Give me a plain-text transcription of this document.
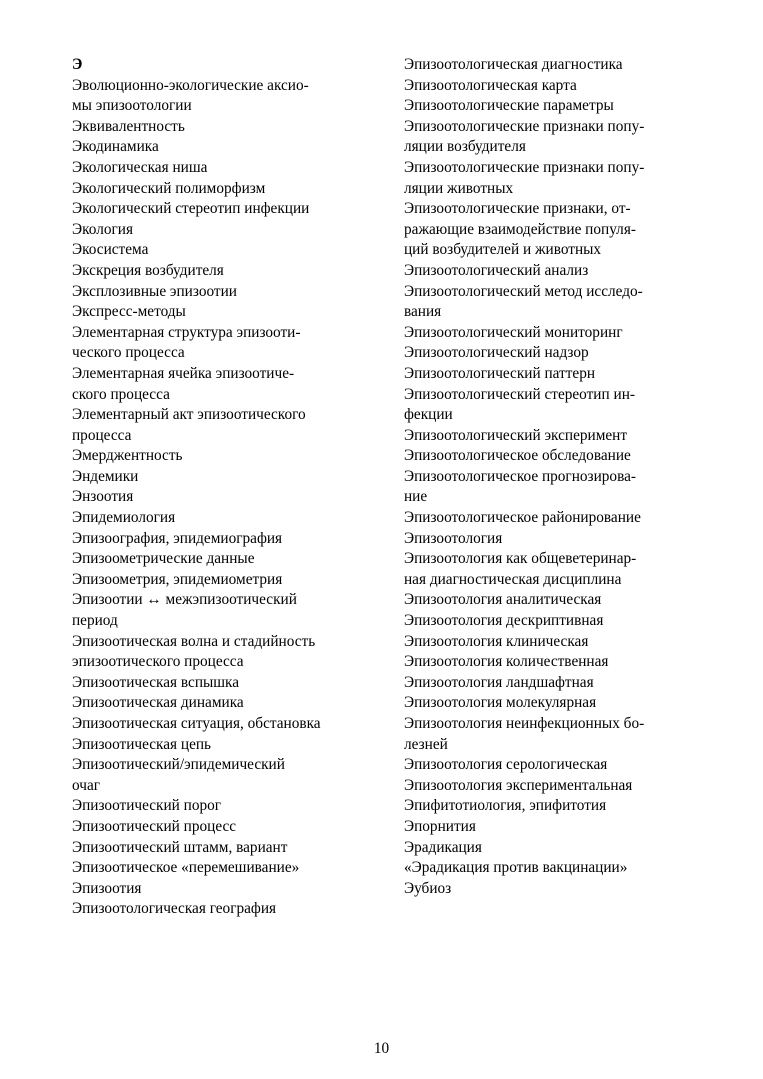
Э
Эволюционно-экологические аксио-
мы эпизоотологии
Эквивалентность
Экодинамика
Экологическая ниша
Экологический полиморфизм
Экологический стереотип инфекции
Экология
Экосистема
Экскреция возбудителя
Эксплозивные эпизоотии
Экспресс-методы
Элементарная структура эпизооти-
ческого процесса
Элементарная ячейка эпизоотиче-
ского процесса
Элементарный акт эпизоотического
процесса
Эмерджентность
Эндемики
Энзоотия
Эпидемиология
Эпизоография, эпидемиография
Эпизоометрические данные
Эпизоометрия, эпидемиометрия
Эпизоотии ↔ межэпизоотический
период
Эпизоотическая волна и стадийность
эпизоотического процесса
Эпизоотическая вспышка
Эпизоотическая динамика
Эпизоотическая ситуация, обстановка
Эпизоотическая цепь
Эпизоотический/эпидемический
очаг
Эпизоотический порог
Эпизоотический процесс
Эпизоотический штамм, вариант
Эпизоотическое «перемешивание»
Эпизоотия
Эпизоотологическая география
Эпизоотологическая диагностика
Эпизоотологическая карта
Эпизоотологические параметры
Эпизоотологические признаки попу-
ляции возбудителя
Эпизоотологические признаки попу-
ляции животных
Эпизоотологические признаки, от-
ражающие взаимодействие популя-
ций возбудителей и животных
Эпизоотологический анализ
Эпизоотологический метод исследо-
вания
Эпизоотологический мониторинг
Эпизоотологический надзор
Эпизоотологический паттерн
Эпизоотологический стереотип ин-
фекции
Эпизоотологический эксперимент
Эпизоотологическое обследование
Эпизоотологическое прогнозирова-
ние
Эпизоотологическое районирование
Эпизоотология
Эпизоотология как общеветеринар-
ная диагностическая дисциплина
Эпизоотология аналитическая
Эпизоотология дескриптивная
Эпизоотология клиническая
Эпизоотология количественная
Эпизоотология ландшафтная
Эпизоотология молекулярная
Эпизоотология неинфекционных бо-
лезней
Эпизоотология серологическая
Эпизоотология экспериментальная
Эпифитотиология, эпифитотия
Эпорнития
Эрадикация
«Эрадикация против вакцинации»
Эубиоз
10
